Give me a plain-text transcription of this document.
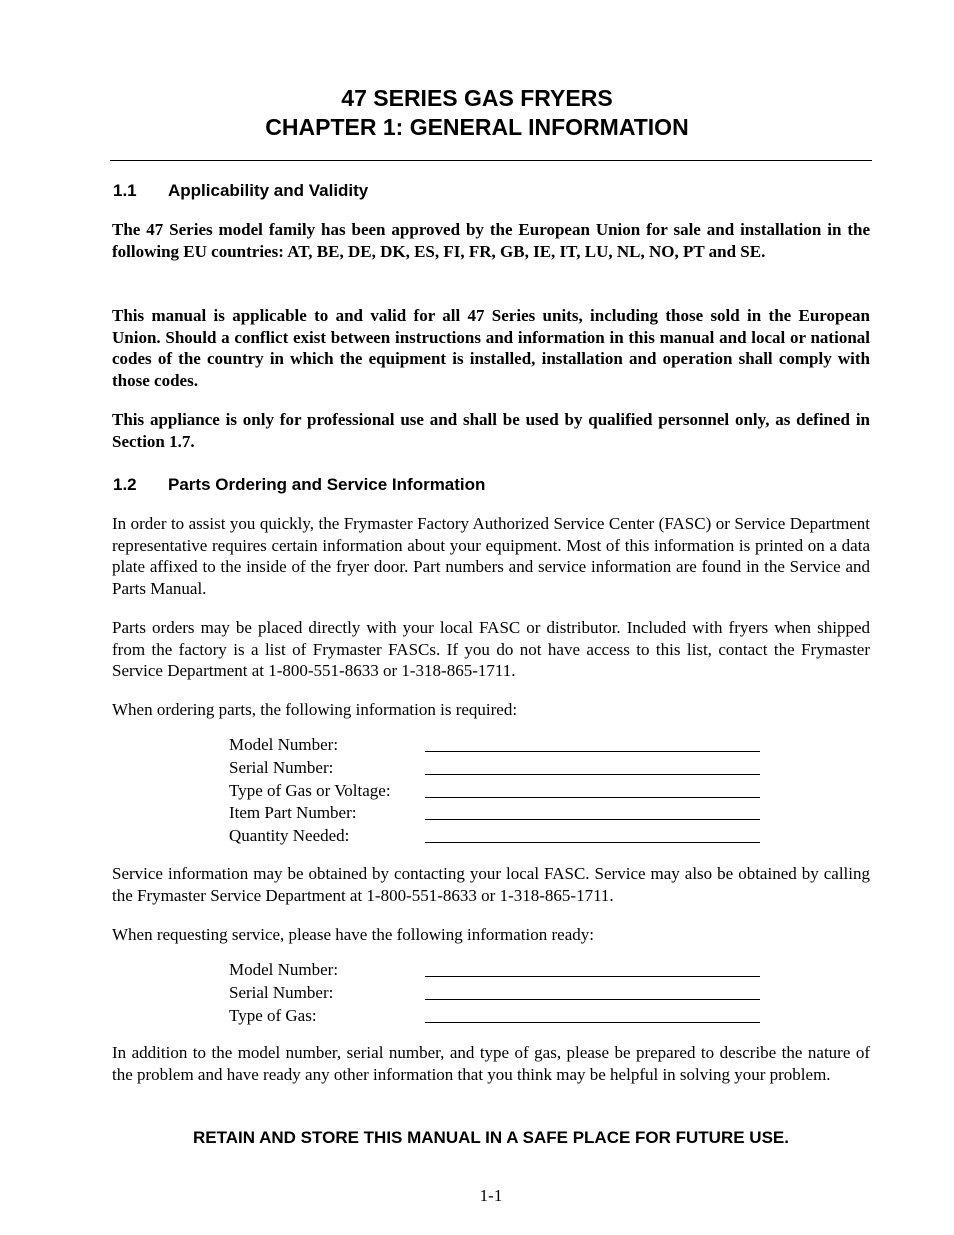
47 SERIES GAS FRYERS
CHAPTER 1: GENERAL INFORMATION
1.1 Applicability and Validity

The 47 Series model family has been approved by the European Union for sale and installation in the following EU countries: AT, BE, DE, DK, ES, FI, FR, GB, IE, IT, LU, NL, NO, PT and SE.

This manual is applicable to and valid for all 47 Series units, including those sold in the European Union. Should a conflict exist between instructions and information in this manual and local or national codes of the country in which the equipment is installed, installation and operation shall comply with those codes.

This appliance is only for professional use and shall be used by qualified personnel only, as defined in Section 1.7.

1.2 Parts Ordering and Service Information

In order to assist you quickly, the Frymaster Factory Authorized Service Center (FASC) or Service Department representative requires certain information about your equipment. Most of this information is printed on a data plate affixed to the inside of the fryer door. Part numbers and service information are found in the Service and Parts Manual.

Parts orders may be placed directly with your local FASC or distributor. Included with fryers when shipped from the factory is a list of Frymaster FASCs. If you do not have access to this list, contact the Frymaster Service Department at 1-800-551-8633 or 1-318-865-1711.

When ordering parts, the following information is required:

Model Number:
Serial Number:
Type of Gas or Voltage:
Item Part Number:
Quantity Needed:

Service information may be obtained by contacting your local FASC. Service may also be obtained by calling the Frymaster Service Department at 1-800-551-8633 or 1-318-865-1711.

When requesting service, please have the following information ready:

Model Number:
Serial Number:
Type of Gas:

In addition to the model number, serial number, and type of gas, please be prepared to describe the nature of the problem and have ready any other information that you think may be helpful in solving your problem.

RETAIN AND STORE THIS MANUAL IN A SAFE PLACE FOR FUTURE USE.

1-1
